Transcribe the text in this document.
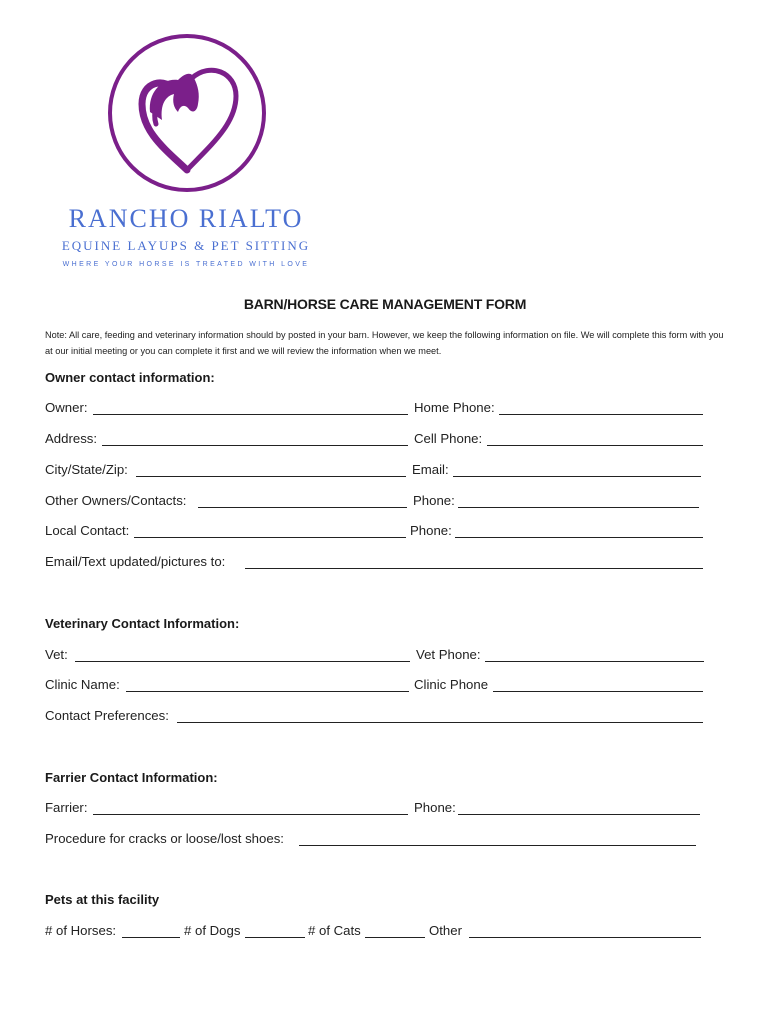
RANCHO RIALTO
EQUINE LAYUPS & PET SITTING
WHERE YOUR HORSE IS TREATED WITH LOVE
BARN/HORSE CARE MANAGEMENT FORM
Note: All care, feeding and veterinary information should by posted in your barn. However, we keep the following information on file. We will complete this form with you at our initial meeting or you can complete it first and we will review the information when we meet.
Owner contact information:
Owner:	Home Phone:
Address:	Cell Phone:
City/State/Zip:	Email:
Other Owners/Contacts:	Phone:
Local Contact:	Phone:
Email/Text updated/pictures to:
Veterinary Contact Information:
Vet:	Vet Phone:
Clinic Name:	Clinic Phone
Contact Preferences:
Farrier Contact Information:
Farrier:	Phone:
Procedure for cracks or loose/lost shoes:
Pets at this facility
# of Horses:	# of Dogs	# of Cats	Other
